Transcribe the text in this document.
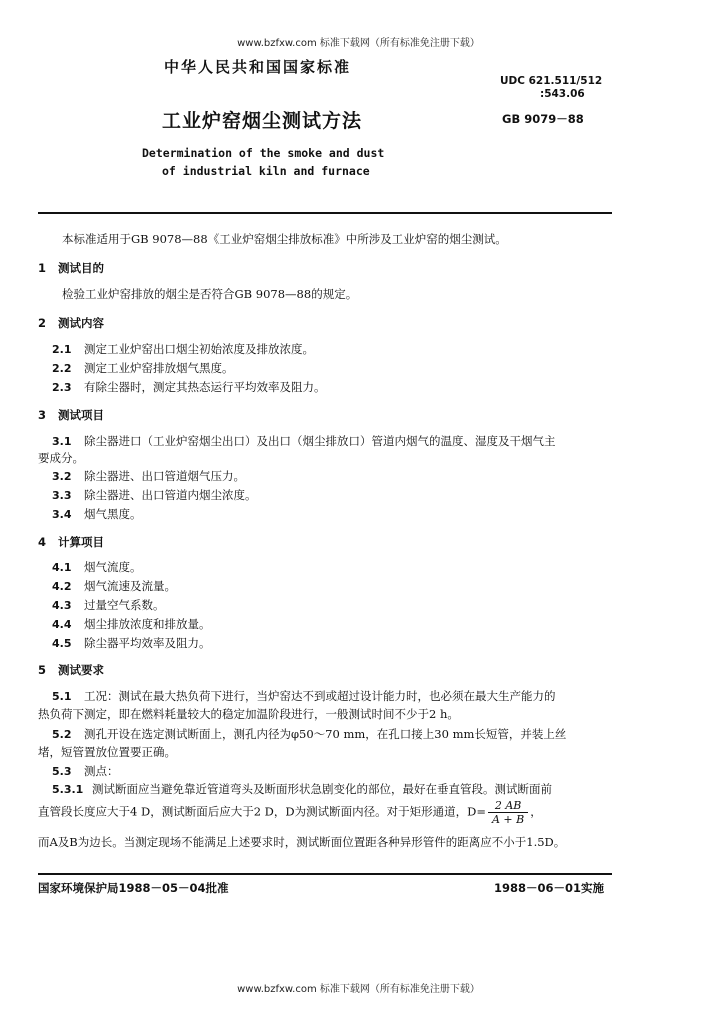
www.bzfxw.com 标准下载网（所有标准免注册下载）
www.bzfxw.com 标准下载网（所有标准免注册下载）
中华人民共和国国家标准
UDC 621.511/512
:543.06
工业炉窑烟尘测试方法	GB 9079－88
Determination of the smoke and dust
of industrial kiln and furnace
本标准适用于GB 9078—88《工业炉窑烟尘排放标准》中所涉及工业炉窑的烟尘测试。
1 测试目的
检验工业炉窑排放的烟尘是否符合GB 9078—88的规定。
2 测试内容
2.1 测定工业炉窑出口烟尘初始浓度及排放浓度。
2.2 测定工业炉窑排放烟气黑度。
2.3 有除尘器时，测定其热态运行平均效率及阻力。
3 测试项目
3.1 除尘器进口（工业炉窑烟尘出口）及出口（烟尘排放口）管道内烟气的温度、湿度及干烟气主
要成分。
3.2 除尘器进、出口管道烟气压力。
3.3 除尘器进、出口管道内烟尘浓度。
3.4 烟气黑度。
4 计算项目
4.1 烟气流度。
4.2 烟气流速及流量。
4.3 过量空气系数。
4.4 烟尘排放浓度和排放量。
4.5 除尘器平均效率及阻力。
5 测试要求
5.1 工况：测试在最大热负荷下进行，当炉窑达不到或超过设计能力时，也必须在最大生产能力的
热负荷下测定，即在燃料耗量较大的稳定加温阶段进行，一般测试时间不少于2 h。
5.2 测孔开设在选定测试断面上，测孔内径为φ50～70 mm，在孔口接上30 mm长短管，并装上丝
堵，短管置放位置要正确。
5.3 测点：
5.3.1 测试断面应当避免靠近管道弯头及断面形状急剧变化的部位，最好在垂直管段。测试断面前
直管段长度应大于4 D，测试断面后应大于2 D，D为测试断面内径。对于矩形通道，$D= \frac{2 AB}{A + B}$ ，
而A及B为边长。当测定现场不能满足上述要求时，测试断面位置距各种异形管件的距离应不小于1.5D。
国家环境保护局1988－05－04批准	1988－06－01实施
